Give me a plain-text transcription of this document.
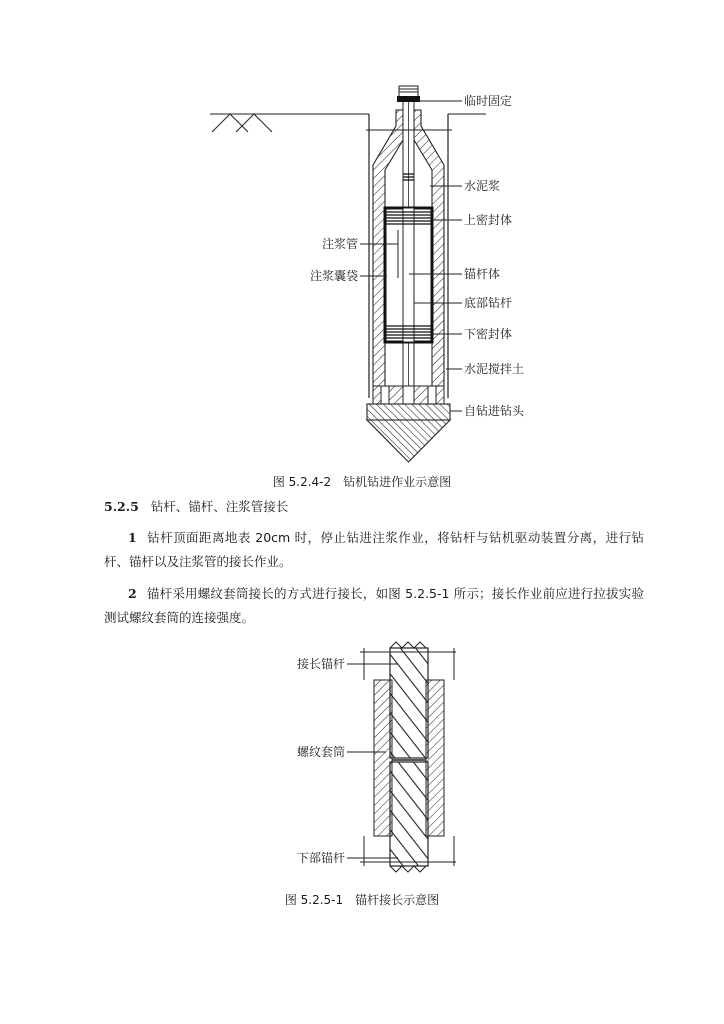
临时固定
水泥浆
上密封体
注浆管
注浆囊袋	锚杆体
底部钻杆
下密封体
水泥搅拌土
自钻进钻头
接长锚杆
螺纹套筒
下部锚杆
图 5.2.4-2　钻机钻进作业示意图
5.2.5 钻杆、锚杆、注浆管接长
1 钻杆顶面距离地表 20cm 时，停止钻进注浆作业，将钻杆与钻机驱动装置分离，进行钻杆、锚杆以及注浆管的接长作业。
2 锚杆采用螺纹套筒接长的方式进行接长，如图 5.2.5-1 所示；接长作业前应进行拉拔实验测试螺纹套筒的连接强度。
图 5.2.5-1　锚杆接长示意图
